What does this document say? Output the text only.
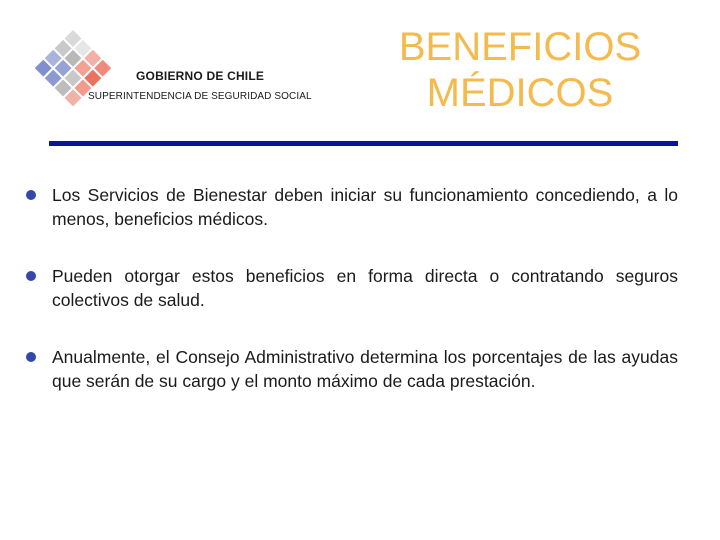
GOBIERNO DE CHILE
SUPERINTENDENCIA DE SEGURIDAD SOCIAL
BENEFICIOS
MÉDICOS
Los Servicios de Bienestar deben iniciar su funcionamiento concediendo, a lo menos, beneficios médicos.
Pueden otorgar estos beneficios en forma directa o contratando seguros colectivos de salud.
Anualmente, el Consejo Administrativo determina los porcentajes de las ayudas que serán de su cargo y el monto máximo de cada prestación.
